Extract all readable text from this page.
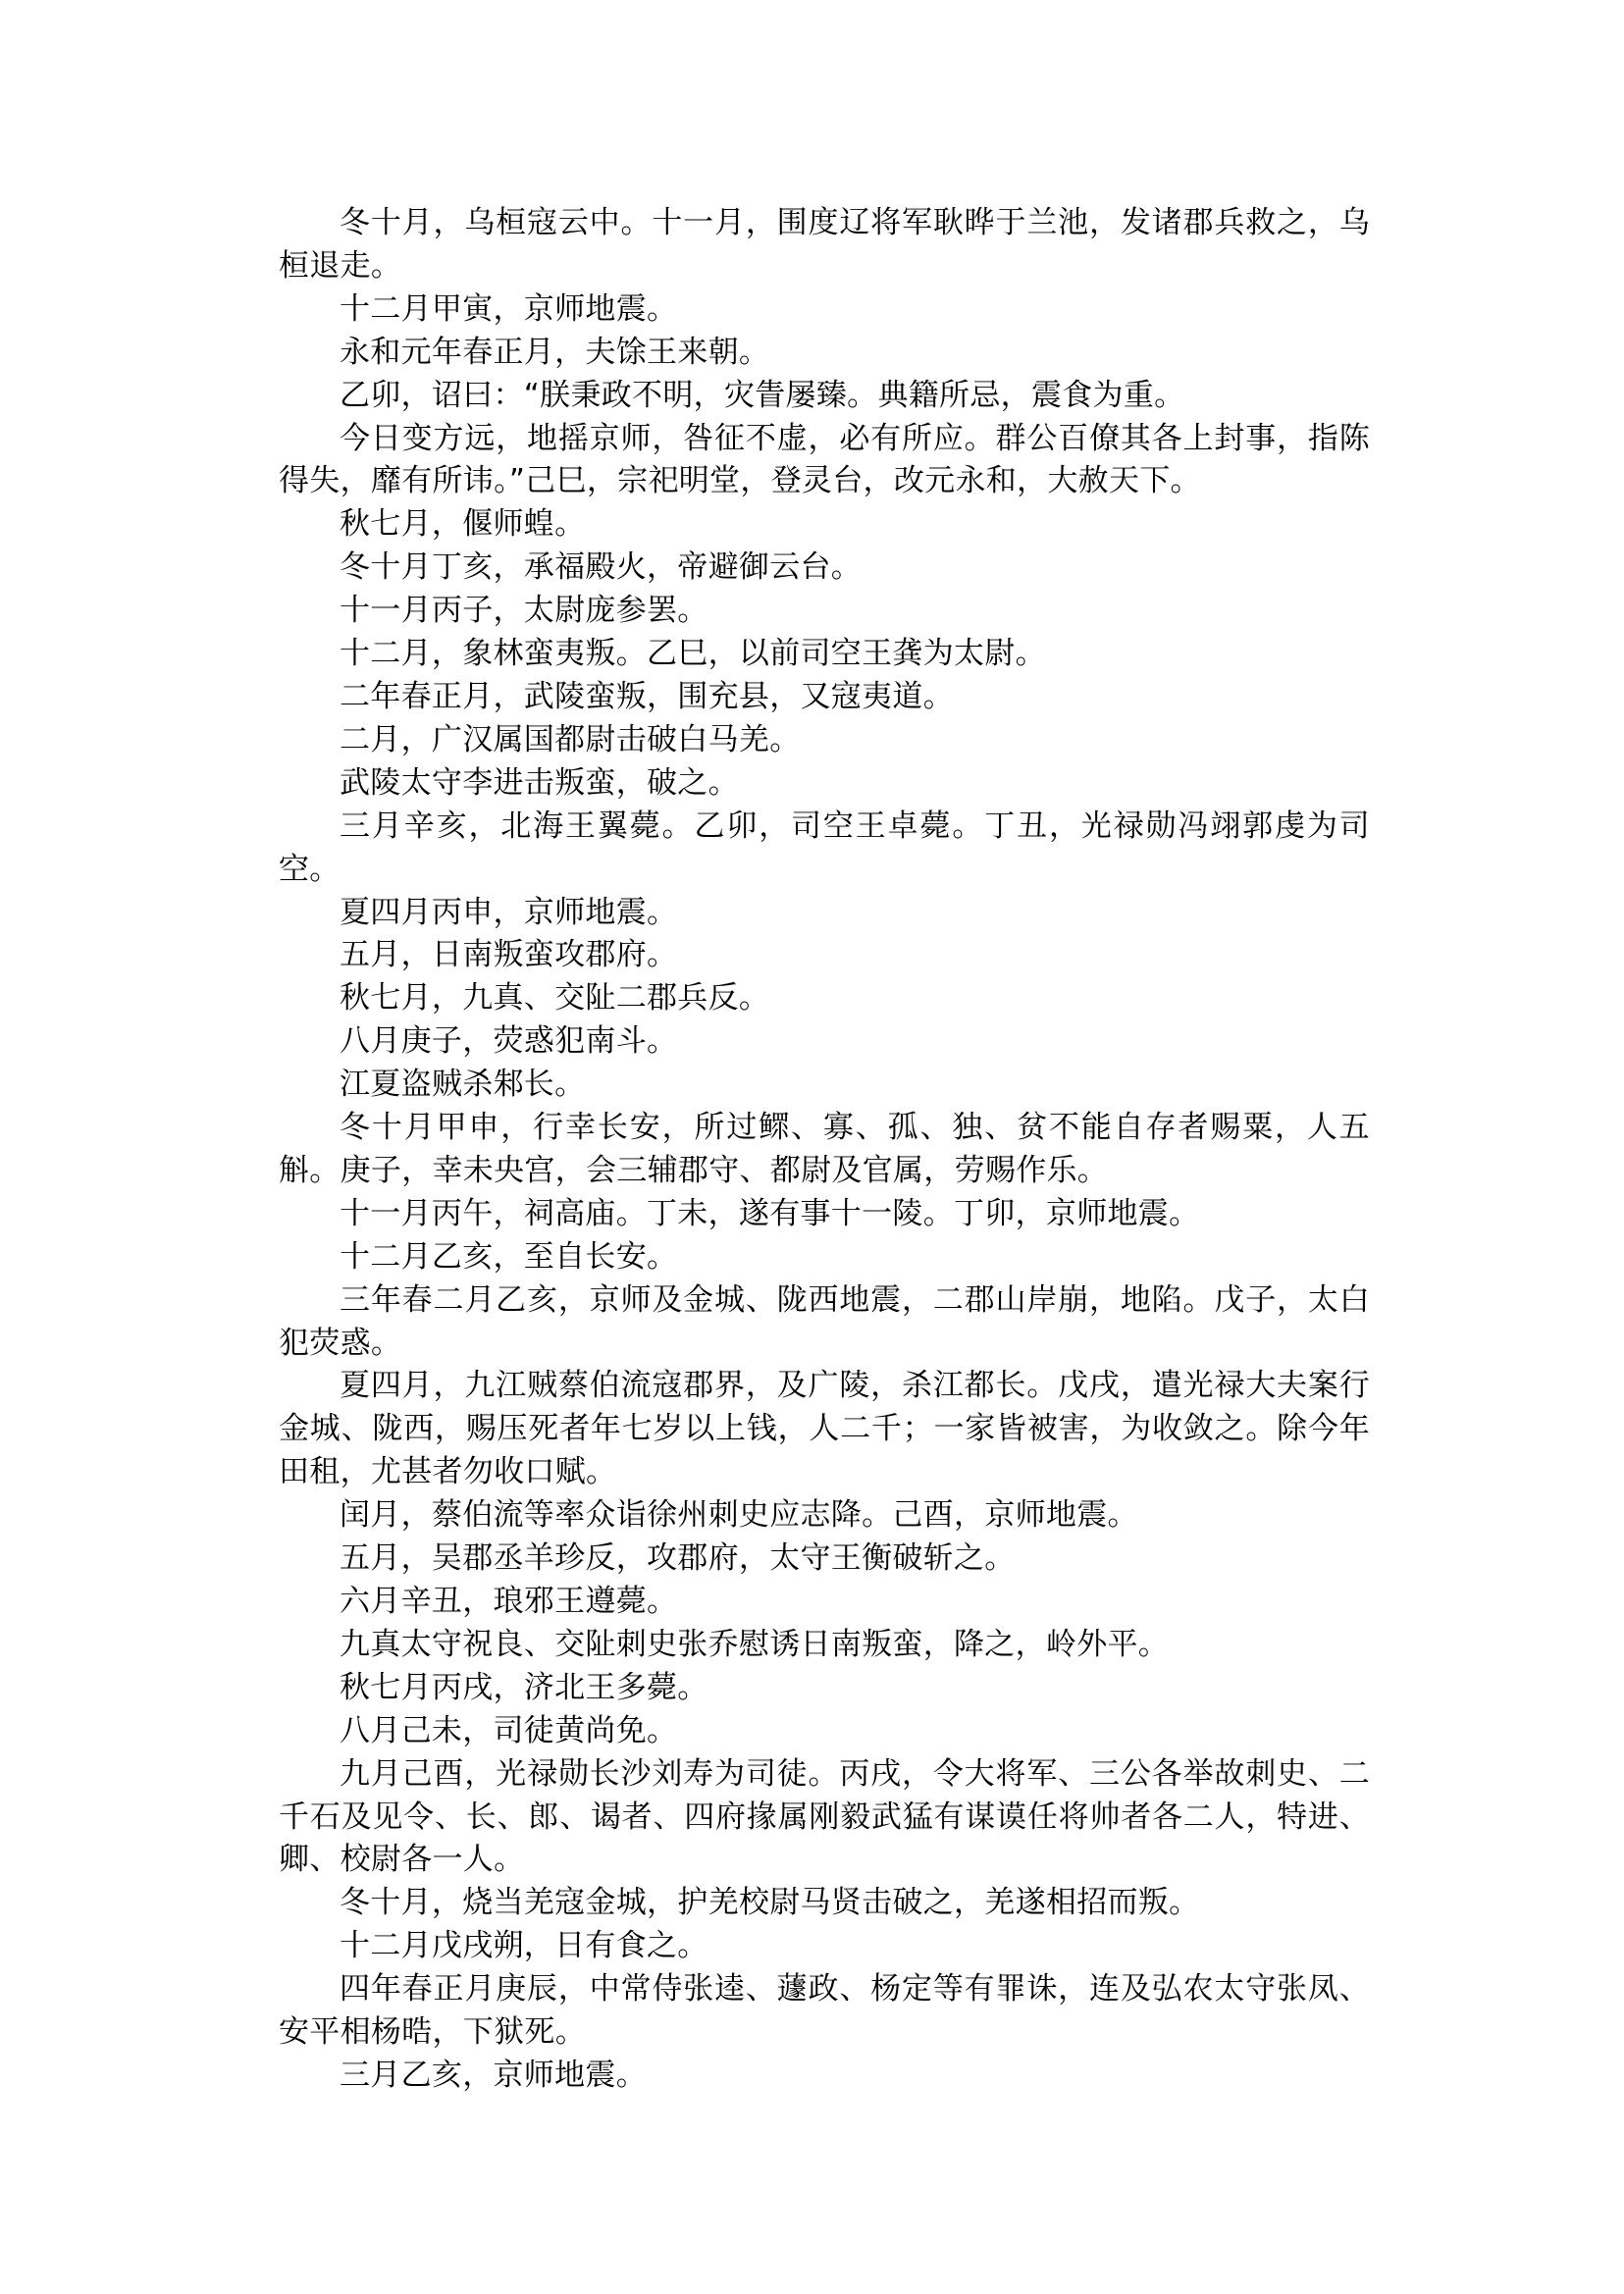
冬十月，乌桓寇云中。十一月，围度辽将军耿晔于兰池，发诸郡兵救之，乌桓退走。

十二月甲寅，京师地震。

永和元年春正月，夫馀王来朝。

乙卯，诏曰：“朕秉政不明，灾眚屡臻。典籍所忌，震食为重。

今日变方远，地摇京师，咎征不虚，必有所应。群公百僚其各上封事，指陈得失，靡有所讳。”己巳，宗祀明堂，登灵台，改元永和，大赦天下。

秋七月，偃师蝗。

冬十月丁亥，承福殿火，帝避御云台。

十一月丙子，太尉庞参罢。

十二月，象林蛮夷叛。乙巳，以前司空王龚为太尉。

二年春正月，武陵蛮叛，围充县，又寇夷道。

二月，广汉属国都尉击破白马羌。

武陵太守李进击叛蛮，破之。

三月辛亥，北海王翼薨。乙卯，司空王卓薨。丁丑，光禄勋冯翊郭虔为司空。

夏四月丙申，京师地震。

五月，日南叛蛮攻郡府。

秋七月，九真、交阯二郡兵反。

八月庚子，荧惑犯南斗。

江夏盗贼杀邾长。

冬十月甲申，行幸长安，所过鳏、寡、孤、独、贫不能自存者赐粟，人五斛。庚子，幸未央宫，会三辅郡守、都尉及官属，劳赐作乐。

十一月丙午，祠高庙。丁未，遂有事十一陵。丁卯，京师地震。

十二月乙亥，至自长安。

三年春二月乙亥，京师及金城、陇西地震，二郡山岸崩，地陷。戊子，太白犯荧惑。

夏四月，九江贼蔡伯流寇郡界，及广陵，杀江都长。戊戌，遣光禄大夫案行金城、陇西，赐压死者年七岁以上钱，人二千；一家皆被害，为收敛之。除今年田租，尤甚者勿收口赋。

闰月，蔡伯流等率众诣徐州刺史应志降。己酉，京师地震。

五月，吴郡丞羊珍反，攻郡府，太守王衡破斩之。

六月辛丑，琅邪王遵薨。

九真太守祝良、交阯刺史张乔慰诱日南叛蛮，降之，岭外平。

秋七月丙戌，济北王多薨。

八月己未，司徒黄尚免。

九月己酉，光禄勋长沙刘寿为司徒。丙戌，令大将军、三公各举故刺史、二千石及见令、长、郎、谒者、四府掾属刚毅武猛有谋谟任将帅者各二人，特进、卿、校尉各一人。

冬十月，烧当羌寇金城，护羌校尉马贤击破之，羌遂相招而叛。

十二月戊戌朔，日有食之。

四年春正月庚辰，中常侍张逵、蘧政、杨定等有罪诛，连及弘农太守张凤、安平相杨晧，下狱死。

三月乙亥，京师地震。
